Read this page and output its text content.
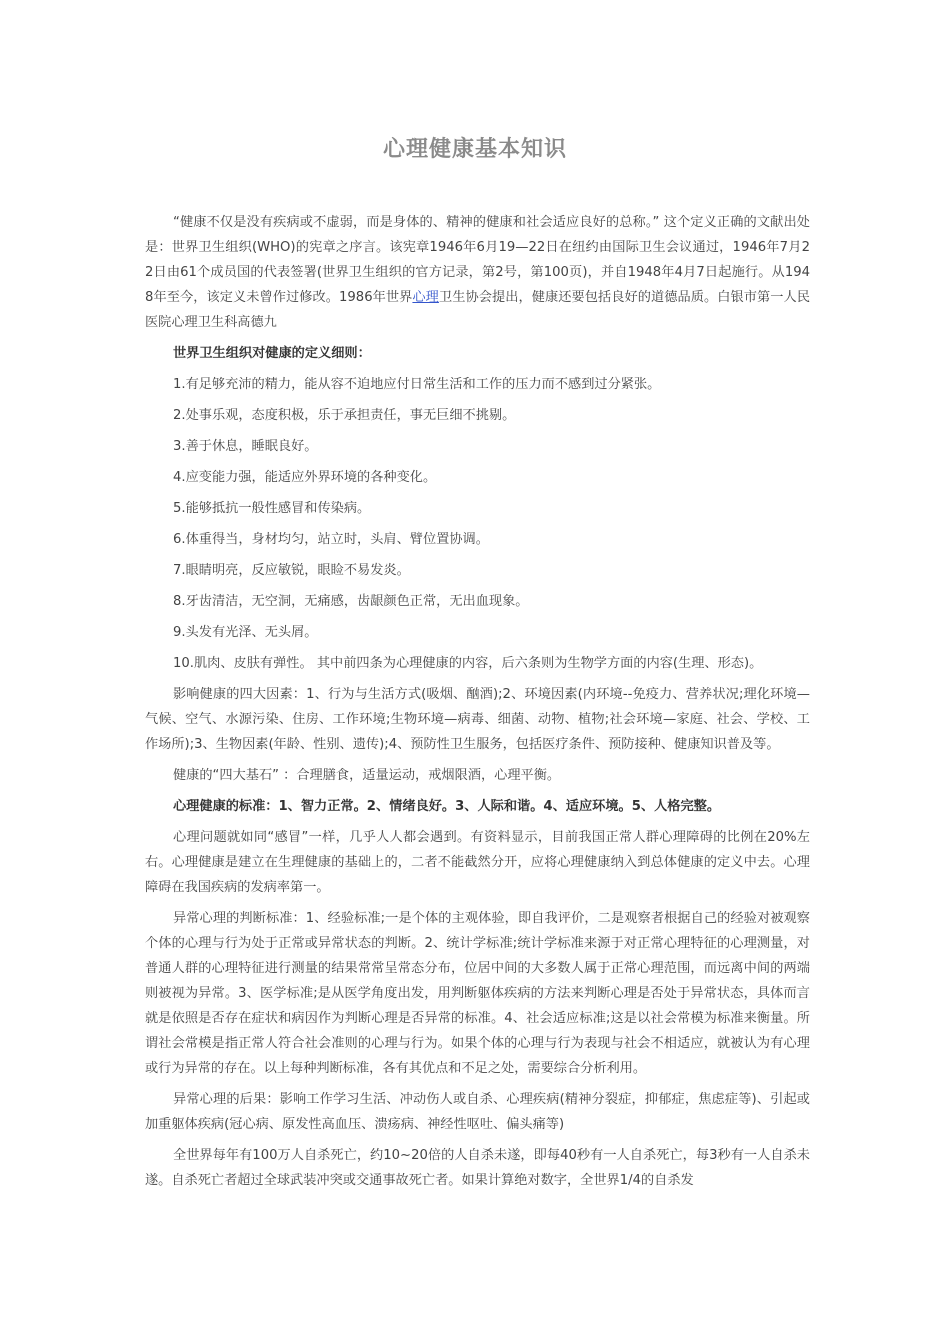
心理健康基本知识

“健康不仅是没有疾病或不虚弱，而是身体的、精神的健康和社会适应良好的总称。” 这个定义正确的文献出处是：世界卫生组织(WHO)的宪章之序言。该宪章1946年6月19—22日在纽约由国际卫生会议通过，1946年7月22日由61个成员国的代表签署(世界卫生组织的官方记录，第2号，第100页)，并自1948年4月7日起施行。从1948年至今，该定义未曾作过修改。1986年世界心理卫生协会提出，健康还要包括良好的道德品质。白银市第一人民医院心理卫生科高德九

世界卫生组织对健康的定义细则：

1.有足够充沛的精力，能从容不迫地应付日常生活和工作的压力而不感到过分紧张。

2.处事乐观，态度积极，乐于承担责任，事无巨细不挑剔。

3.善于休息，睡眠良好。

4.应变能力强，能适应外界环境的各种变化。

5.能够抵抗一般性感冒和传染病。

6.体重得当，身材均匀，站立时，头肩、臂位置协调。

7.眼睛明亮，反应敏锐，眼睑不易发炎。

8.牙齿清洁，无空洞，无痛感，齿龈颜色正常，无出血现象。

9.头发有光泽、无头屑。

10.肌肉、皮肤有弹性。 其中前四条为心理健康的内容，后六条则为生物学方面的内容(生理、形态)。

影响健康的四大因素：1、行为与生活方式(吸烟、酗酒);2、环境因素(内环境--免疫力、营养状况;理化环境—气候、空气、水源污染、住房、工作环境;生物环境—病毒、细菌、动物、植物;社会环境—家庭、社会、学校、工作场所);3、生物因素(年龄、性别、遗传);4、预防性卫生服务，包括医疗条件、预防接种、健康知识普及等。

健康的“四大基石” ：合理膳食，适量运动，戒烟限酒，心理平衡。

心理健康的标准：1、智力正常。2、情绪良好。3、人际和谐。4、适应环境。5、人格完整。

心理问题就如同“感冒”一样，几乎人人都会遇到。有资料显示，目前我国正常人群心理障碍的比例在20%左右。心理健康是建立在生理健康的基础上的，二者不能截然分开，应将心理健康纳入到总体健康的定义中去。心理障碍在我国疾病的发病率第一。

异常心理的判断标准：1、经验标准;一是个体的主观体验，即自我评价，二是观察者根据自己的经验对被观察个体的心理与行为处于正常或异常状态的判断。2、统计学标准;统计学标准来源于对正常心理特征的心理测量，对普通人群的心理特征进行测量的结果常常呈常态分布，位居中间的大多数人属于正常心理范围，而远离中间的两端则被视为异常。3、医学标准;是从医学角度出发，用判断躯体疾病的方法来判断心理是否处于异常状态，具体而言就是依照是否存在症状和病因作为判断心理是否异常的标准。4、社会适应标准;这是以社会常模为标准来衡量。所谓社会常模是指正常人符合社会准则的心理与行为。如果个体的心理与行为表现与社会不相适应，就被认为有心理或行为异常的存在。以上每种判断标准，各有其优点和不足之处，需要综合分析利用。

异常心理的后果：影响工作学习生活、冲动伤人或自杀、心理疾病(精神分裂症，抑郁症，焦虑症等)、引起或加重躯体疾病(冠心病、原发性高血压、溃疡病、神经性呕吐、偏头痛等)

全世界每年有100万人自杀死亡，约10~20倍的人自杀未遂，即每40秒有一人自杀死亡，每3秒有一人自杀未遂。自杀死亡者超过全球武装冲突或交通事故死亡者。如果计算绝对数字，全世界1/4的自杀发
